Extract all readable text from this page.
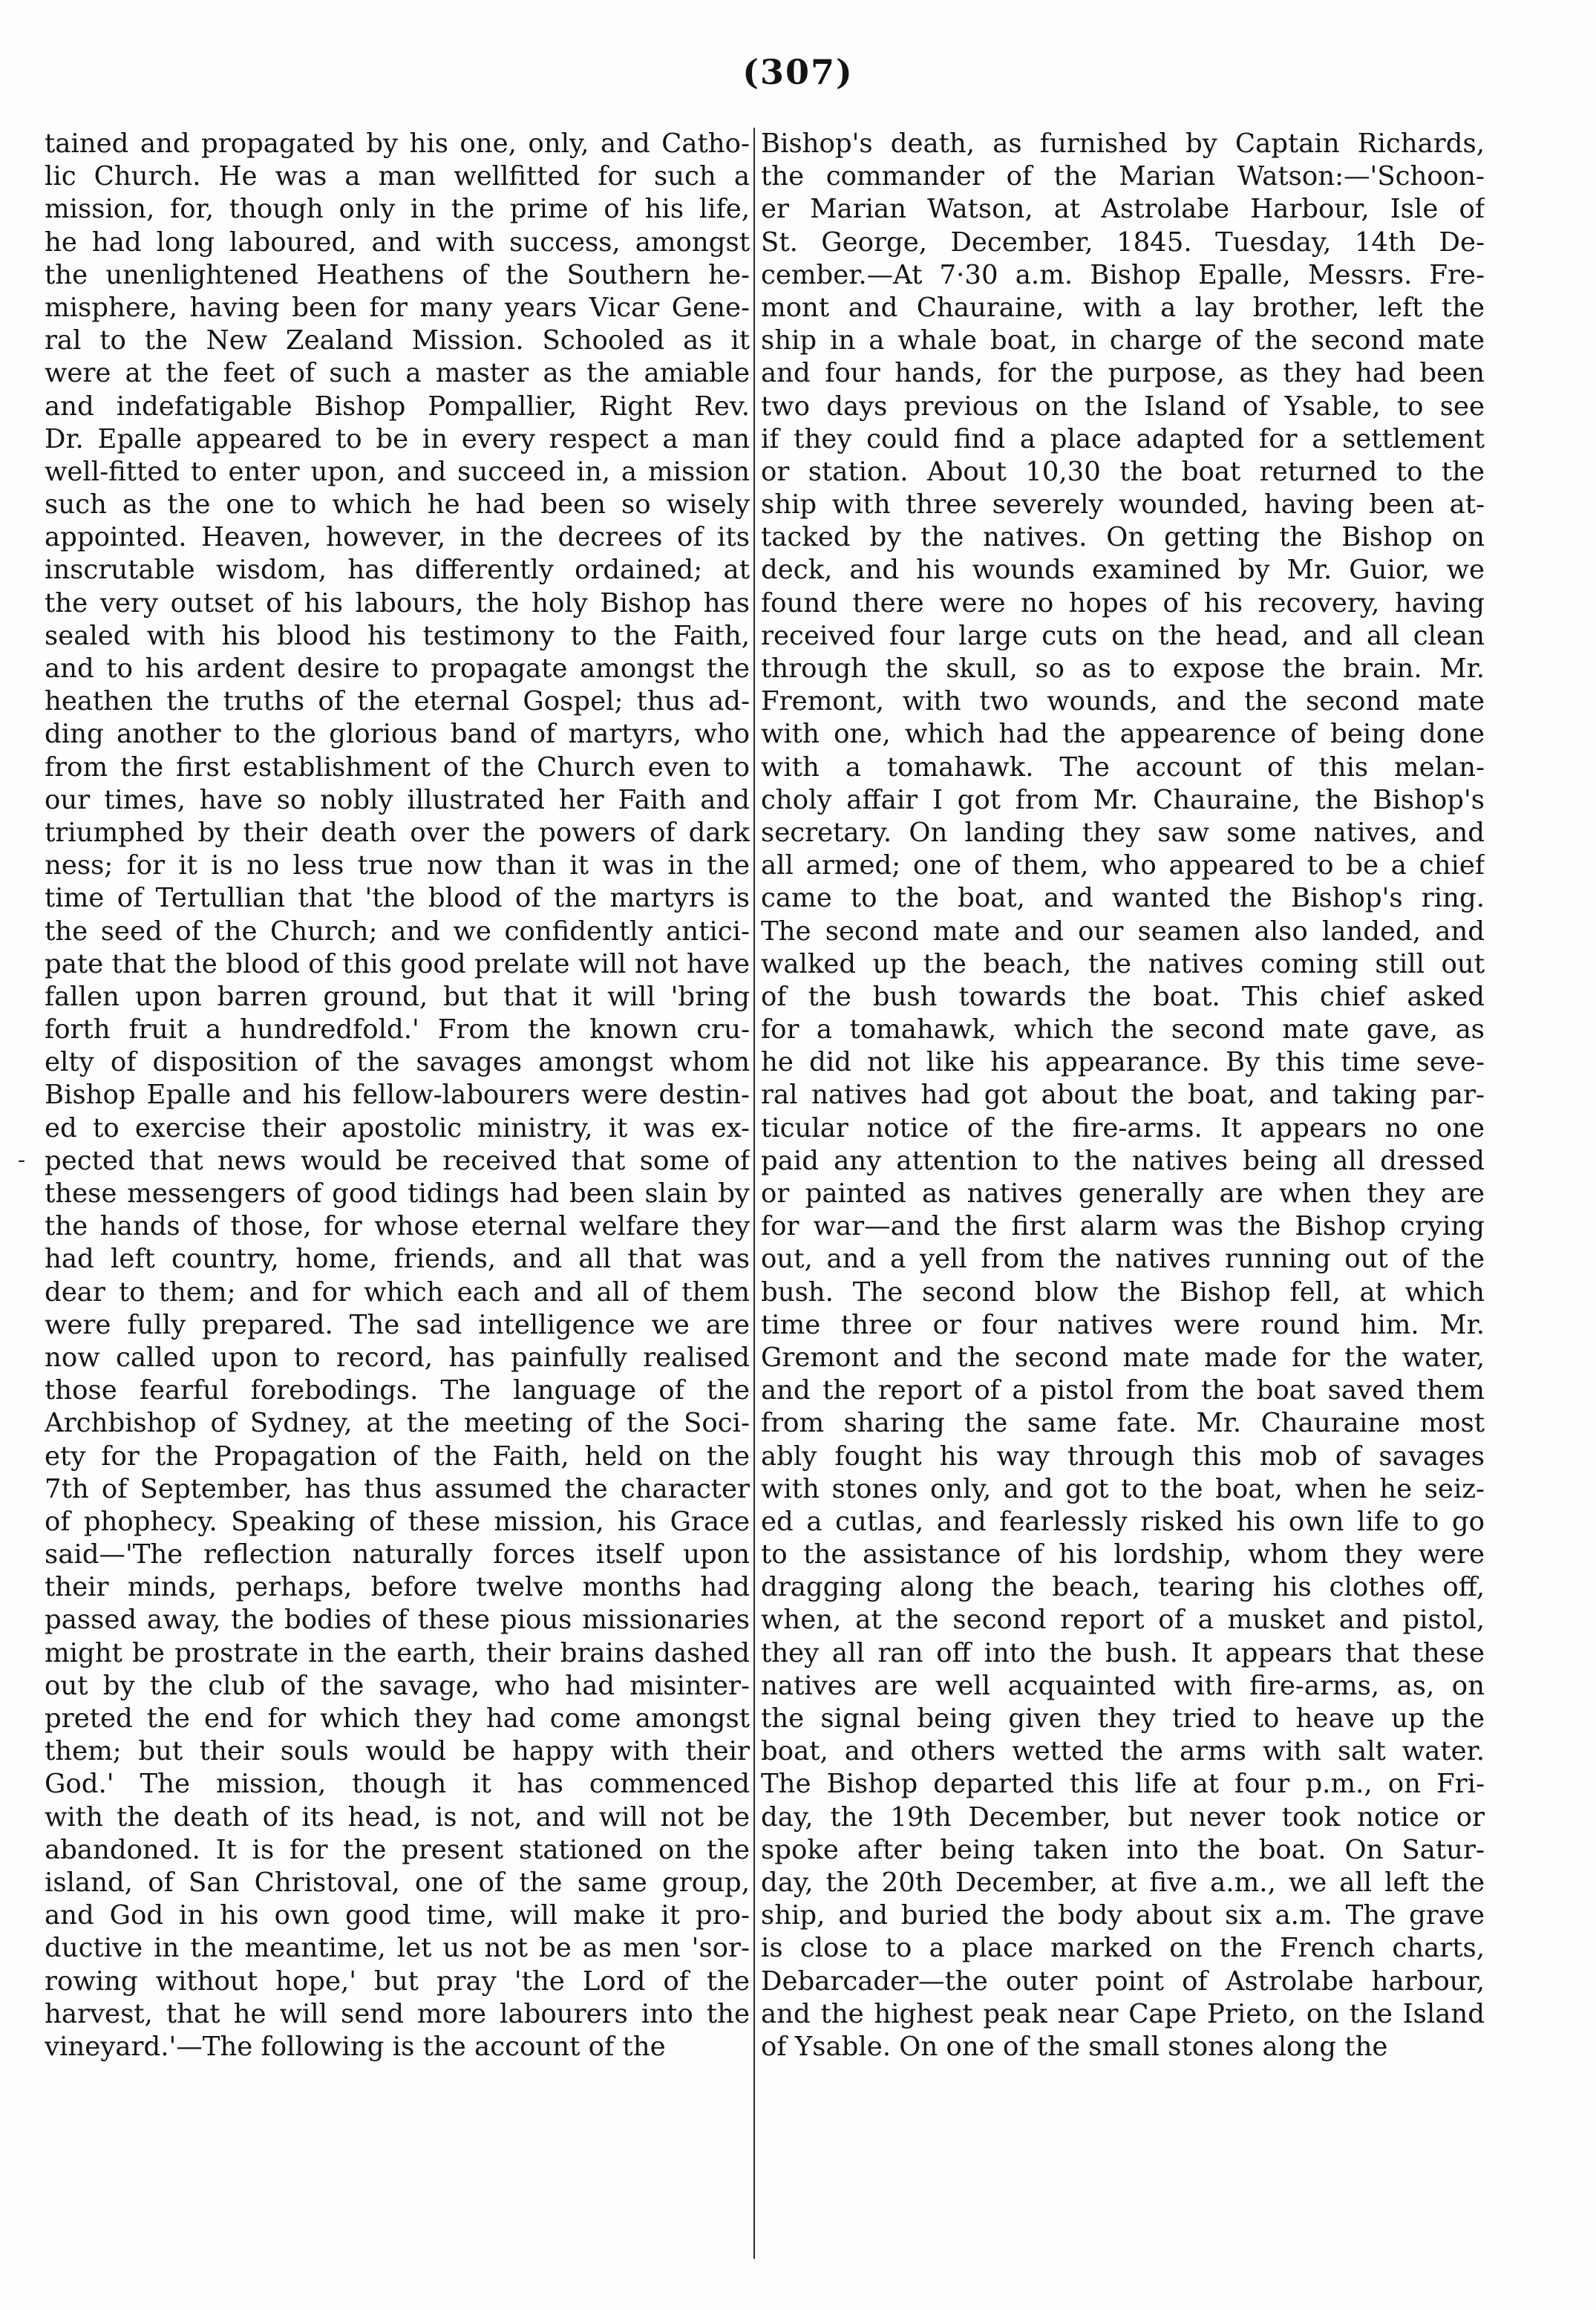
(307)
tained and propagated by his one, only, and Catho-
lic Church. He was a man wellfitted for such a
mission, for, though only in the prime of his life,
he had long laboured, and with success, amongst
the unenlightened Heathens of the Southern he-
misphere, having been for many years Vicar Gene-
ral to the New Zealand Mission. Schooled as it
were at the feet of such a master as the amiable
and indefatigable Bishop Pompallier, Right Rev.
Dr. Epalle appeared to be in every respect a man
well-fitted to enter upon, and succeed in, a mission
such as the one to which he had been so wisely
appointed. Heaven, however, in the decrees of its
inscrutable wisdom, has differently ordained; at
the very outset of his labours, the holy Bishop has
sealed with his blood his testimony to the Faith,
and to his ardent desire to propagate amongst the
heathen the truths of the eternal Gospel; thus ad-
ding another to the glorious band of martyrs, who
from the first establishment of the Church even to
our times, have so nobly illustrated her Faith and
triumphed by their death over the powers of dark
ness; for it is no less true now than it was in the
time of Tertullian that 'the blood of the martyrs is
the seed of the Church; and we confidently antici-
pate that the blood of this good prelate will not have
fallen upon barren ground, but that it will 'bring
forth fruit a hundredfold.' From the known cru-
elty of disposition of the savages amongst whom
Bishop Epalle and his fellow-labourers were destin-
ed to exercise their apostolic ministry, it was ex-
pected that news would be received that some of
these messengers of good tidings had been slain by
the hands of those, for whose eternal welfare they
had left country, home, friends, and all that was
dear to them; and for which each and all of them
were fully prepared. The sad intelligence we are
now called upon to record, has painfully realised
those fearful forebodings. The language of the
Archbishop of Sydney, at the meeting of the Soci-
ety for the Propagation of the Faith, held on the
7th of September, has thus assumed the character
of phophecy. Speaking of these mission, his Grace
said—'The reflection naturally forces itself upon
their minds, perhaps, before twelve months had
passed away, the bodies of these pious missionaries
might be prostrate in the earth, their brains dashed
out by the club of the savage, who had misinter-
preted the end for which they had come amongst
them; but their souls would be happy with their
God.' The mission, though it has commenced
with the death of its head, is not, and will not be
abandoned. It is for the present stationed on the
island, of San Christoval, one of the same group,
and God in his own good time, will make it pro-
ductive in the meantime, let us not be as men 'sor-
rowing without hope,' but pray 'the Lord of the
harvest, that he will send more labourers into the
vineyard.'—The following is the account of the
Bishop's death, as furnished by Captain Richards,
the commander of the Marian Watson:—'Schoon-
er Marian Watson, at Astrolabe Harbour, Isle of
St. George, December, 1845. Tuesday, 14th De-
cember.—At 7·30 a.m. Bishop Epalle, Messrs. Fre-
mont and Chauraine, with a lay brother, left the
ship in a whale boat, in charge of the second mate
and four hands, for the purpose, as they had been
two days previous on the Island of Ysable, to see
if they could find a place adapted for a settlement
or station. About 10,30 the boat returned to the
ship with three severely wounded, having been at-
tacked by the natives. On getting the Bishop on
deck, and his wounds examined by Mr. Guior, we
found there were no hopes of his recovery, having
received four large cuts on the head, and all clean
through the skull, so as to expose the brain. Mr.
Fremont, with two wounds, and the second mate
with one, which had the appearence of being done
with a tomahawk. The account of this melan-
choly affair I got from Mr. Chauraine, the Bishop's
secretary. On landing they saw some natives, and
all armed; one of them, who appeared to be a chief
came to the boat, and wanted the Bishop's ring.
The second mate and our seamen also landed, and
walked up the beach, the natives coming still out
of the bush towards the boat. This chief asked
for a tomahawk, which the second mate gave, as
he did not like his appearance. By this time seve-
ral natives had got about the boat, and taking par-
ticular notice of the fire-arms. It appears no one
paid any attention to the natives being all dressed
or painted as natives generally are when they are
for war—and the first alarm was the Bishop crying
out, and a yell from the natives running out of the
bush. The second blow the Bishop fell, at which
time three or four natives were round him. Mr.
Gremont and the second mate made for the water,
and the report of a pistol from the boat saved them
from sharing the same fate. Mr. Chauraine most
ably fought his way through this mob of savages
with stones only, and got to the boat, when he seiz-
ed a cutlas, and fearlessly risked his own life to go
to the assistance of his lordship, whom they were
dragging along the beach, tearing his clothes off,
when, at the second report of a musket and pistol,
they all ran off into the bush. It appears that these
natives are well acquainted with fire-arms, as, on
the signal being given they tried to heave up the
boat, and others wetted the arms with salt water.
The Bishop departed this life at four p.m., on Fri-
day, the 19th December, but never took notice or
spoke after being taken into the boat. On Satur-
day, the 20th December, at five a.m., we all left the
ship, and buried the body about six a.m. The grave
is close to a place marked on the French charts,
Debarcader—the outer point of Astrolabe harbour,
and the highest peak near Cape Prieto, on the Island
of Ysable. On one of the small stones along the
-
